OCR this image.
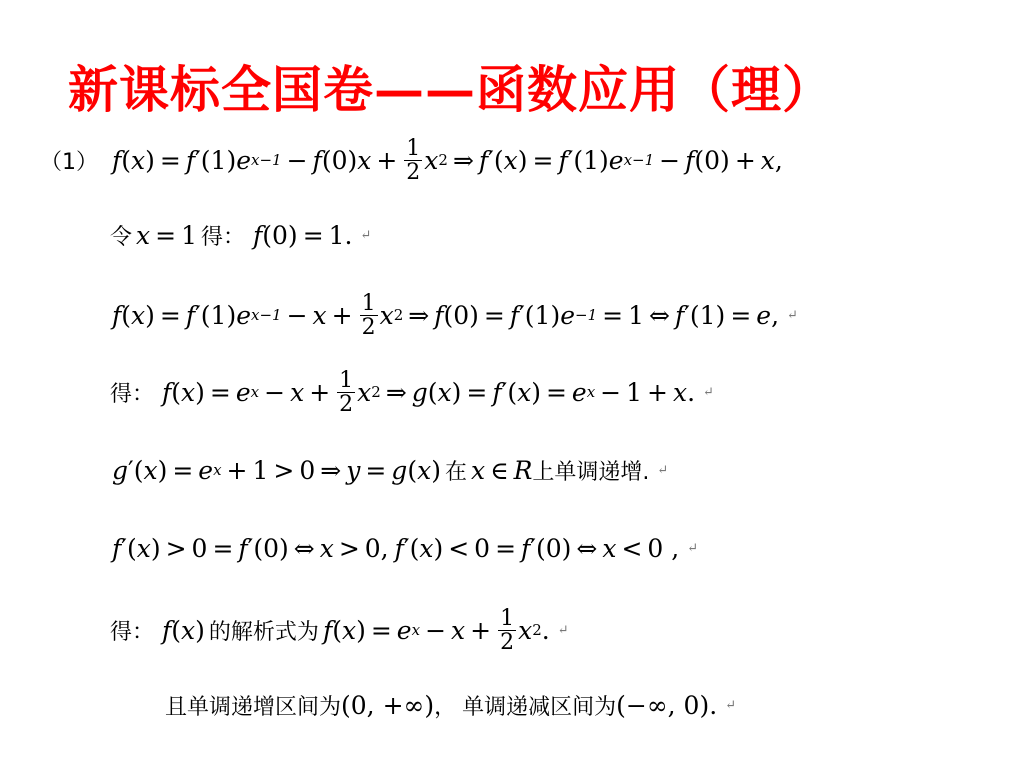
新课标全国卷——函数应用（理）
（1） f ( x ) = f ′(1) e x−1 − f (0) $x + \frac{1}{2}$ x 2 ⇒ f ′( x ) = f ′(1) e x−1 − f (0) + x ,
令 x = 1 得： f (0) = 1. ↵
f ( x ) = f ′(1) e $x-1 - x + \frac{1}{2}$ x 2 ⇒ f (0) = f ′(1) e −1 = 1 ⇔ f ′(1) = e , ↵
得： f ( x ) = e $x - x + \frac{1}{2}$ x 2 ⇒ g ( x ) = f ′( x ) = e x − 1 + x . ↵
g ′( x ) = e x + 1 > 0 ⇒ y = g ( x ) 在 x ∈ R 上单调递增. ↵
f ′( x ) > 0 = f ′(0) ⇔ x > 0, f ′( x ) < 0 = f ′(0) ⇔ x < 0 , ↵
得： f ( x ) 的解析式为 f ( x ) = e $x - x + \frac{1}{2}$ x 2 . ↵
且单调递增区间为 (0, +∞) ， 单调递减区间为 (−∞, 0) . ↵
